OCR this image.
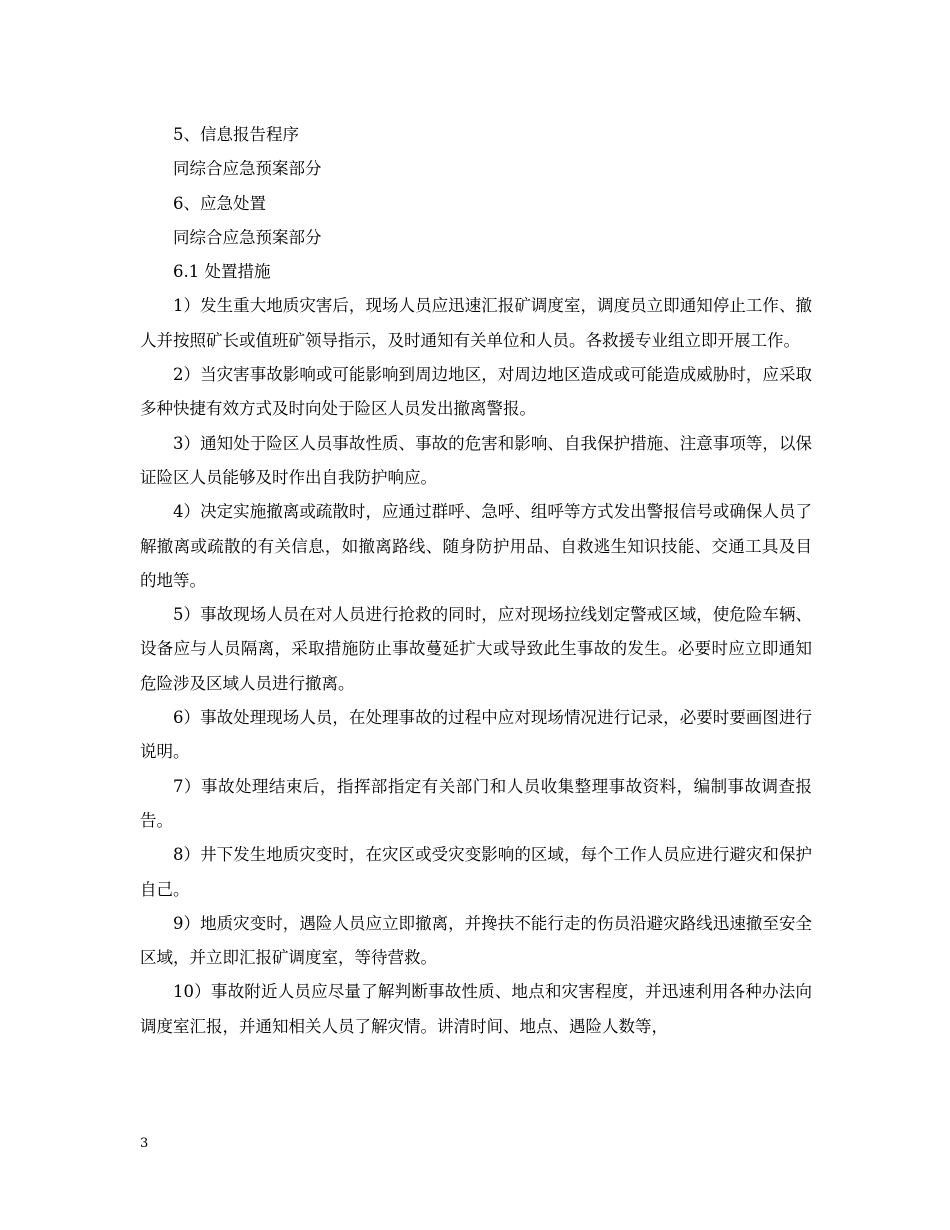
5、信息报告程序

同综合应急预案部分

6、应急处置

同综合应急预案部分

6.1 处置措施

1）发生重大地质灾害后，现场人员应迅速汇报矿调度室，调度员立即通知停止工作、撤人并按照矿长或值班矿领导指示，及时通知有关单位和人员。各救援专业组立即开展工作。

2）当灾害事故影响或可能影响到周边地区，对周边地区造成或可能造成威胁时，应采取多种快捷有效方式及时向处于险区人员发出撤离警报。

3）通知处于险区人员事故性质、事故的危害和影响、自我保护措施、注意事项等，以保证险区人员能够及时作出自我防护响应。

4）决定实施撤离或疏散时，应通过群呼、急呼、组呼等方式发出警报信号或确保人员了解撤离或疏散的有关信息，如撤离路线、随身防护用品、自救逃生知识技能、交通工具及目的地等。

5）事故现场人员在对人员进行抢救的同时，应对现场拉线划定警戒区域，使危险车辆、设备应与人员隔离，采取措施防止事故蔓延扩大或导致此生事故的发生。必要时应立即通知危险涉及区域人员进行撤离。

6）事故处理现场人员，在处理事故的过程中应对现场情况进行记录，必要时要画图进行说明。

7）事故处理结束后，指挥部指定有关部门和人员收集整理事故资料，编制事故调查报告。

8）井下发生地质灾变时，在灾区或受灾变影响的区域，每个工作人员应进行避灾和保护自己。

9）地质灾变时，遇险人员应立即撤离，并搀扶不能行走的伤员沿避灾路线迅速撤至安全区域，并立即汇报矿调度室，等待营救。

10）事故附近人员应尽量了解判断事故性质、地点和灾害程度，并迅速利用各种办法向调度室汇报，并通知相关人员了解灾情。讲清时间、地点、遇险人数等，

3
